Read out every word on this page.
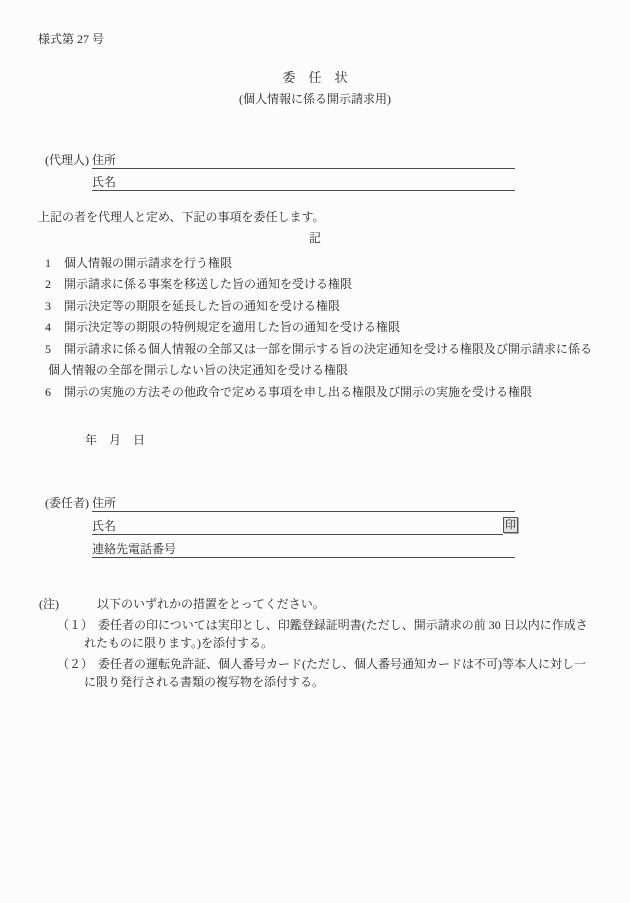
様式第 27 号
委　任　状
(個人情報に係る開示請求用)
(代理人) 住所
氏名
上記の者を代理人と定め、下記の事項を委任します。
記
1 個人情報の開示請求を行う権限
2 開示請求に係る事案を移送した旨の通知を受ける権限
3 開示決定等の期限を延長した旨の通知を受ける権限
4 開示決定等の期限の特例規定を適用した旨の通知を受ける権限
5 開示請求に係る個人情報の全部又は一部を開示する旨の決定通知を受ける権限及び開示請求に係る
個人情報の全部を開示しない旨の決定通知を受ける権限
6 開示の実施の方法その他政令で定める事項を申し出る権限及び開示の実施を受ける権限
年　月　日
(委任者) 住所
氏名	印
連絡先電話番号
(注)	以下のいずれかの措置をとってください。
（１） 委任者の印については実印とし、印鑑登録証明書(ただし、開示請求の前 30 日以内に作成さ
れたものに限ります。)を添付する。
（２） 委任者の運転免許証、個人番号カード(ただし、個人番号通知カードは不可)等本人に対し一
に限り発行される書類の複写物を添付する。
